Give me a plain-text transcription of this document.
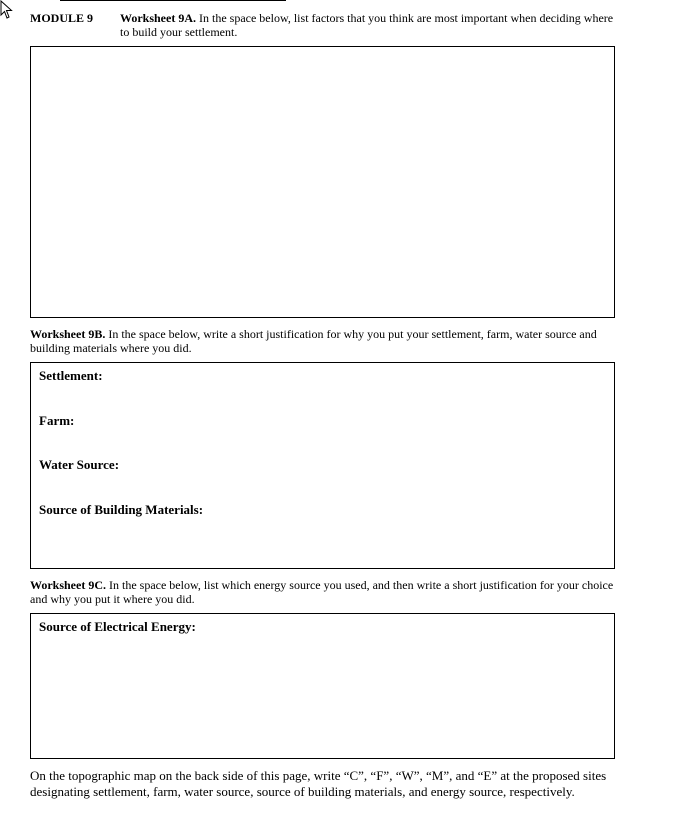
MODULE 9 Worksheet 9A. In the space below, list factors that you think are most important when deciding where to build your settlement.
Worksheet 9B. In the space below, write a short justification for why you put your settlement, farm, water source and building materials where you did.
Settlement:
Farm:
Water Source:
Source of Building Materials:
Worksheet 9C. In the space below, list which energy source you used, and then write a short justification for your choice and why you put it where you did.
Source of Electrical Energy:
On the topographic map on the back side of this page, write “C”, “F”, “W”, “M”, and “E” at the proposed sites designating settlement, farm, water source, source of building materials, and energy source, respectively.
